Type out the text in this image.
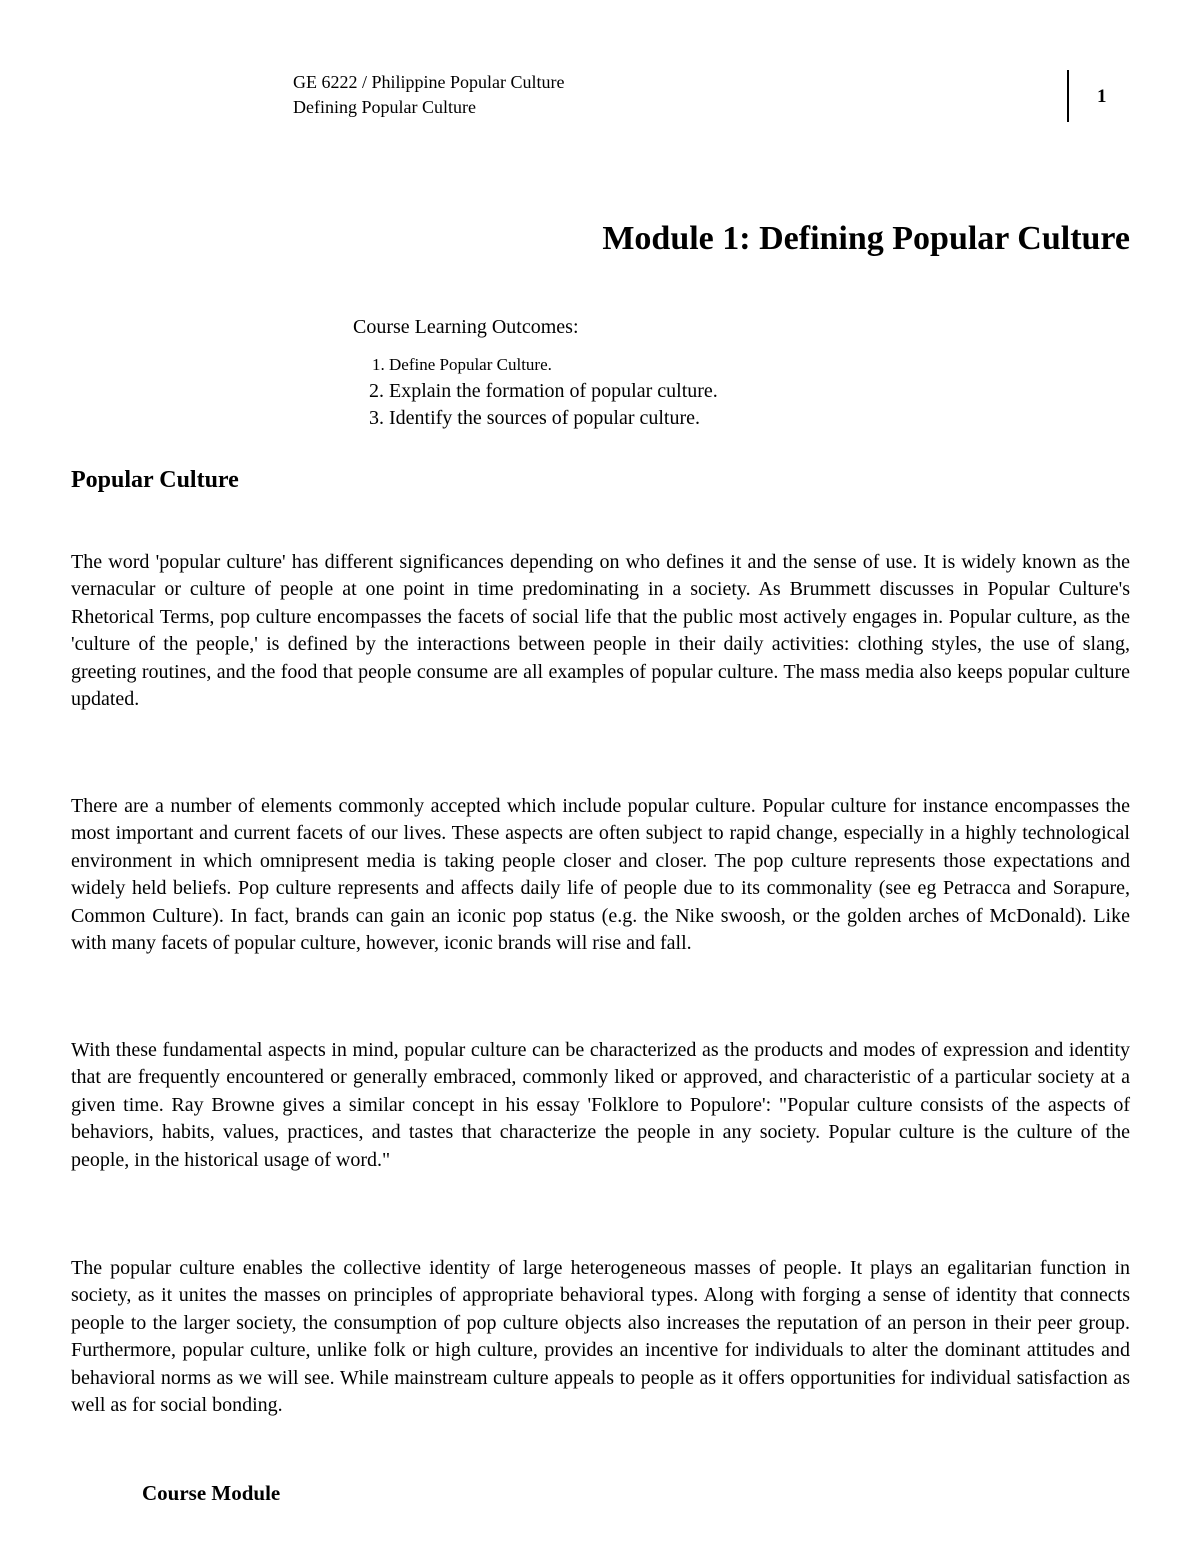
GE 6222 / Philippine Popular Culture
Defining Popular Culture	1
Module 1: Defining Popular Culture
Course Learning Outcomes:
1. Define Popular Culture.
2. Explain the formation of popular culture.
3. Identify the sources of popular culture.
Popular Culture

The word 'popular culture' has different significances depending on who defines it and the sense of use. It is widely known as the vernacular or culture of people at one point in time predominating in a society. As Brummett discusses in Popular Culture's Rhetorical Terms, pop culture encompasses the facets of social life that the public most actively engages in. Popular culture, as the 'culture of the people,' is defined by the interactions between people in their daily activities: clothing styles, the use of slang, greeting routines, and the food that people consume are all examples of popular culture. The mass media also keeps popular culture updated.

There are a number of elements commonly accepted which include popular culture. Popular culture for instance encompasses the most important and current facets of our lives. These aspects are often subject to rapid change, especially in a highly technological environment in which omnipresent media is taking people closer and closer. The pop culture represents those expectations and widely held beliefs. Pop culture represents and affects daily life of people due to its commonality (see eg Petracca and Sorapure, Common Culture). In fact, brands can gain an iconic pop status (e.g. the Nike swoosh, or the golden arches of McDonald). Like with many facets of popular culture, however, iconic brands will rise and fall.

With these fundamental aspects in mind, popular culture can be characterized as the products and modes of expression and identity that are frequently encountered or generally embraced, commonly liked or approved, and characteristic of a particular society at a given time. Ray Browne gives a similar concept in his essay 'Folklore to Populore': "Popular culture consists of the aspects of behaviors, habits, values, practices, and tastes that characterize the people in any society. Popular culture is the culture of the people, in the historical usage of word."

The popular culture enables the collective identity of large heterogeneous masses of people. It plays an egalitarian function in society, as it unites the masses on principles of appropriate behavioral types. Along with forging a sense of identity that connects people to the larger society, the consumption of pop culture objects also increases the reputation of an person in their peer group. Furthermore, popular culture, unlike folk or high culture, provides an incentive for individuals to alter the dominant attitudes and behavioral norms as we will see. While mainstream culture appeals to people as it offers opportunities for individual satisfaction as well as for social bonding.

Course Module
